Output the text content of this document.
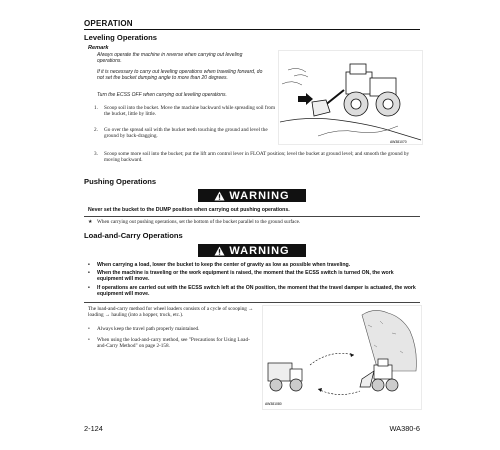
OPERATION
Leveling Operations
Remark
Always operate the machine in reverse when carrying out leveling operations.
If it is necessary to carry out leveling operations when traveling forward, do not set the bucket dumping angle to more than 20 degrees.
Turn the ECSS OFF when carrying out leveling operations.
1.	Scoop soil into the bucket. Move the machine backward while spreading soil from the bucket, little by little.
2.	Go over the spread soil with the bucket teeth touching the ground and level the ground by back-dragging.
3.	Scoop some more soil into the bucket; put the lift arm control lever in FLOAT position; level the bucket at ground level; and smooth the ground by moving backward.
AW381070
Pushing Operations
WARNING
Never set the bucket to the DUMP position when carrying out pushing operations.
★ When carrying out pushing operations, set the bottom of the bucket parallel to the ground surface.
Load-and-Carry Operations
WARNING
•	When carrying a load, lower the bucket to keep the center of gravity as low as possible when traveling.
•	When the machine is traveling or the work equipment is raised, the moment that the ECSS switch is turned ON, the work equipment will move.
•	If operations are carried out with the ECSS switch left at the ON position, the moment that the travel damper is actuated, the work equipment will move.
The load-and-carry method for wheel loaders consists of a cycle of scooping → loading → hauling (into a hopper, truck, etc.).
•	Always keep the travel path properly maintained.
•	When using the load-and-carry method, see "Precautions for Using Load-and-Carry Method" on page 2-158.
AW381080
2-124	WA380-6
